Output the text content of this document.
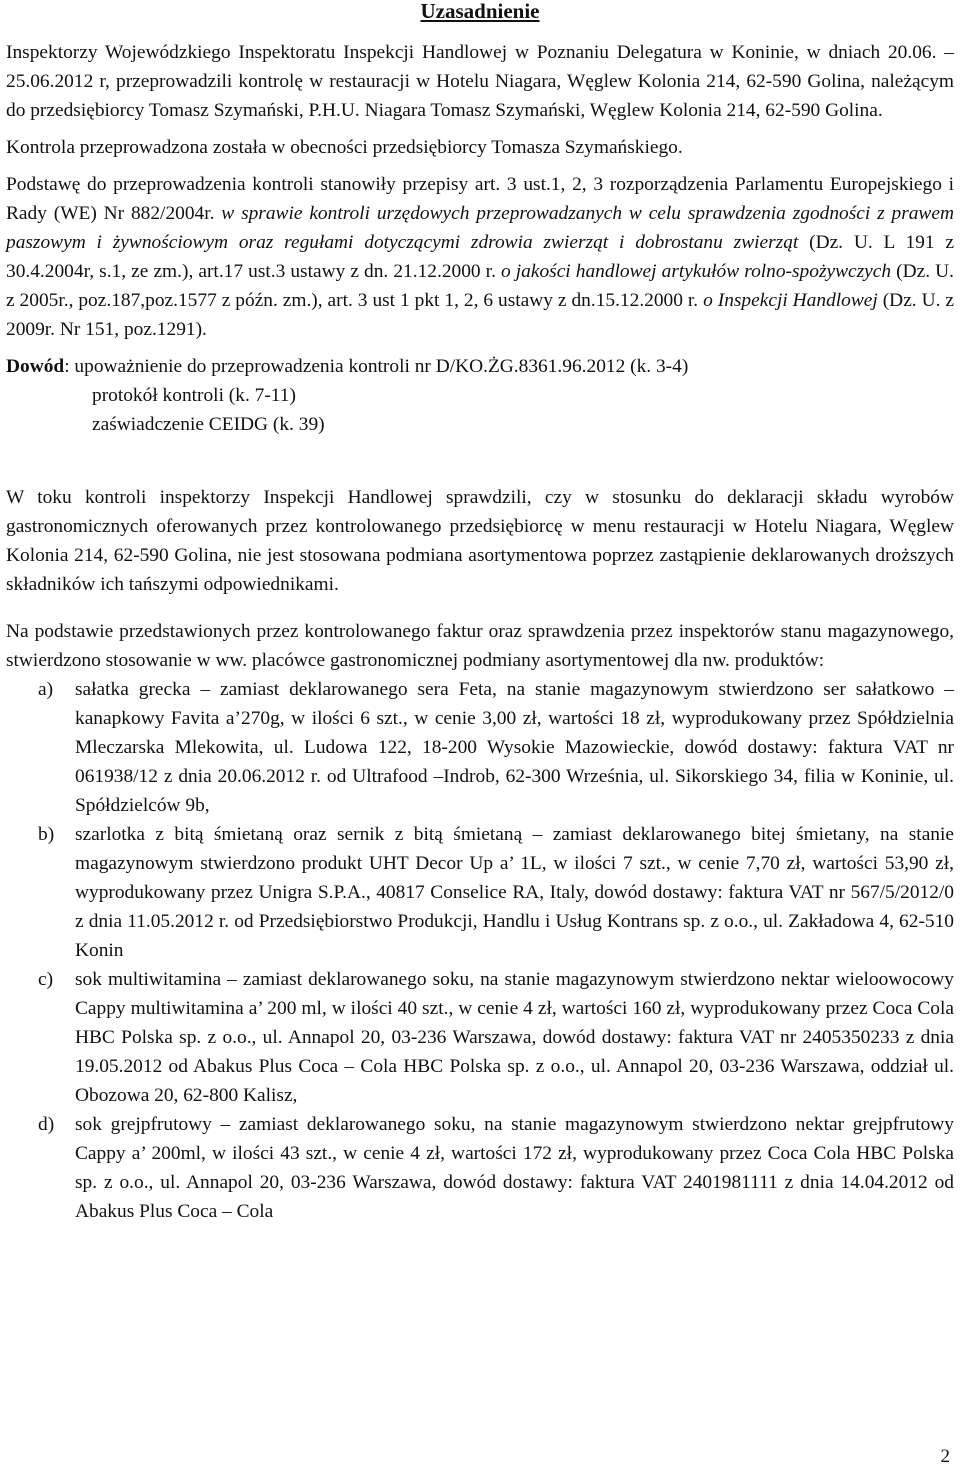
Uzasadnienie

Inspektorzy Wojewódzkiego Inspektoratu Inspekcji Handlowej w Poznaniu Delegatura w Koninie, w dniach 20.06. – 25.06.2012 r, przeprowadzili kontrolę w restauracji w Hotelu Niagara, Węglew Kolonia 214, 62-590 Golina, należącym do przedsiębiorcy Tomasz Szymański, P.H.U. Niagara Tomasz Szymański, Węglew Kolonia 214, 62-590 Golina.

Kontrola przeprowadzona została w obecności przedsiębiorcy Tomasza Szymańskiego.

Podstawę do przeprowadzenia kontroli stanowiły przepisy art. 3 ust.1, 2, 3 rozporządzenia Parlamentu Europejskiego i Rady (WE) Nr 882/2004r. w sprawie kontroli urzędowych przeprowadzanych w celu sprawdzenia zgodności z prawem paszowym i żywnościowym oraz regułami dotyczącymi zdrowia zwierząt i dobrostanu zwierząt (Dz. U. L 191 z 30.4.2004r, s.1, ze zm.), art.17 ust.3 ustawy z dn. 21.12.2000 r. o jakości handlowej artykułów rolno-spożywczych (Dz. U. z 2005r., poz.187,poz.1577 z późn. zm.), art. 3 ust 1 pkt 1, 2, 6 ustawy z dn.15.12.2000 r. o Inspekcji Handlowej (Dz. U. z 2009r. Nr 151, poz.1291).

Dowód: upoważnienie do przeprowadzenia kontroli nr D/KO.ŻG.8361.96.2012 (k. 3-4)
protokół kontroli (k. 7-11)
zaświadczenie CEIDG (k. 39)

W toku kontroli inspektorzy Inspekcji Handlowej sprawdzili, czy w stosunku do deklaracji składu wyrobów gastronomicznych oferowanych przez kontrolowanego przedsiębiorcę w menu restauracji w Hotelu Niagara, Węglew Kolonia 214, 62-590 Golina, nie jest stosowana podmiana asortymentowa poprzez zastąpienie deklarowanych droższych składników ich tańszymi odpowiednikami.

Na podstawie przedstawionych przez kontrolowanego faktur oraz sprawdzenia przez inspektorów stanu magazynowego, stwierdzono stosowanie w ww. placówce gastronomicznej podmiany asortymentowej dla nw. produktów:

a) sałatka grecka – zamiast deklarowanego sera Feta, na stanie magazynowym stwierdzono ser sałatkowo – kanapkowy Favita a’270g, w ilości 6 szt., w cenie 3,00 zł, wartości 18 zł, wyprodukowany przez Spółdzielnia Mleczarska Mlekowita, ul. Ludowa 122, 18-200 Wysokie Mazowieckie, dowód dostawy: faktura VAT nr 061938/12 z dnia 20.06.2012 r. od Ultrafood –Indrob, 62-300 Września, ul. Sikorskiego 34, filia w Koninie, ul. Spółdzielców 9b,
b) szarlotka z bitą śmietaną oraz sernik z bitą śmietaną – zamiast deklarowanego bitej śmietany, na stanie magazynowym stwierdzono produkt UHT Decor Up a’ 1L, w ilości 7 szt., w cenie 7,70 zł, wartości 53,90 zł, wyprodukowany przez Unigra S.P.A., 40817 Conselice RA, Italy, dowód dostawy: faktura VAT nr 567/5/2012/0 z dnia 11.05.2012 r. od Przedsiębiorstwo Produkcji, Handlu i Usług Kontrans sp. z o.o., ul. Zakładowa 4, 62-510 Konin
c) sok multiwitamina – zamiast deklarowanego soku, na stanie magazynowym stwierdzono nektar wieloowocowy Cappy multiwitamina a’ 200 ml, w ilości 40 szt., w cenie 4 zł, wartości 160 zł, wyprodukowany przez Coca Cola HBC Polska sp. z o.o., ul. Annapol 20, 03-236 Warszawa, dowód dostawy: faktura VAT nr 2405350233 z dnia 19.05.2012 od Abakus Plus Coca – Cola HBC Polska sp. z o.o., ul. Annapol 20, 03-236 Warszawa, oddział ul. Obozowa 20, 62-800 Kalisz,
d) sok grejpfrutowy – zamiast deklarowanego soku, na stanie magazynowym stwierdzono nektar grejpfrutowy Cappy a’ 200ml, w ilości 43 szt., w cenie 4 zł, wartości 172 zł, wyprodukowany przez Coca Cola HBC Polska sp. z o.o., ul. Annapol 20, 03-236 Warszawa, dowód dostawy: faktura VAT 2401981111 z dnia 14.04.2012 od Abakus Plus Coca – Cola
2
